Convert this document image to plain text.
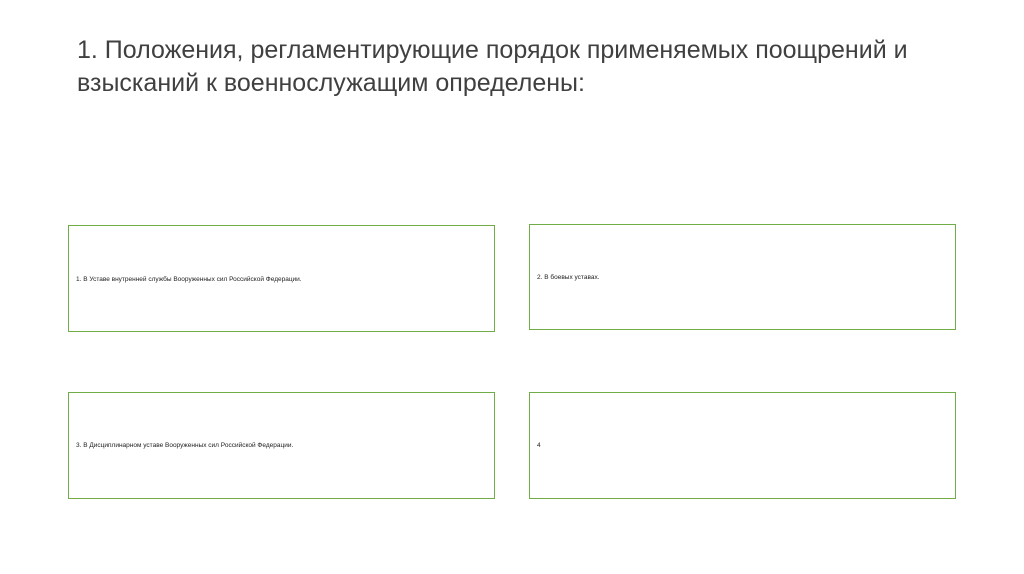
1. Положения, регламентирующие порядок применяемых поощрений и взысканий к военнослужащим определены:
1. В Уставе внутренней службы Вооруженных сил Российской Федерации.	2. В боевых уставах.
3. В Дисциплинарном уставе Вооруженных сил Российской Федерации.	4
